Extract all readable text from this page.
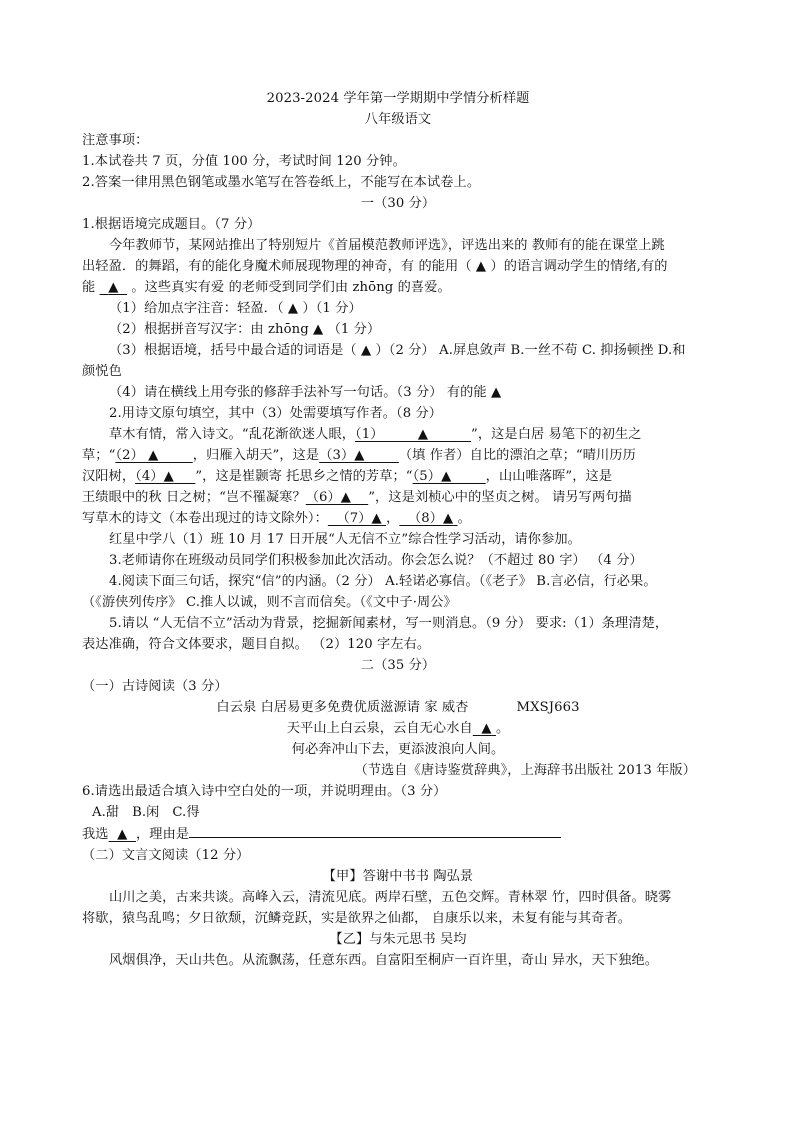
2023-2024 学年第一学期期中学情分析样题
八年级语文
注意事项：
1.本试卷共 7 页，分值 100 分，考试时间 120 分钟。
2.答案一律用黑色钢笔或墨水笔写在答卷纸上，不能写在本试卷上。
一（30 分）
1.根据语境完成题目。（7 分）
今年教师节，某网站推出了特别短片《首届模范教师评选》，评选出来的 教师有的能在课堂上跳
出轻盈．的舞蹈，有的能化身魔术师展现物理的神奇，有 的能用（ ▲ ）的语言调动学生的情绪,有的
能 ▲ 。这些真实有爱 的老师受到同学们由 zhōng 的喜爱。
（1）给加点字注音：轻盈．（ ▲ ）（1 分）
（2）根据拼音写汉字：由 zhōng ▲ （1 分）
（3）根据语境，括号中最合适的词语是（ ▲ ）（2 分） A.屏息敛声 B.一丝不苟 C. 抑扬顿挫 D.和
颜悦色
（4）请在横线上用夸张的修辞手法补写一句话。（3 分） 有的能 ▲
2.用诗文原句填空，其中（3）处需要填写作者。（8 分）
草木有情，常入诗文。“乱花渐欲迷人眼，（1）        ▲          ”，这是白居 易笔下的初生之
草；“（2） ▲        ，归雁入胡天”，这是（3）▲        （填 作者）自比的漂泊之草；“晴川历历
汉阳树，（4）▲     ”，这是崔颢寄 托思乡之情的芳草；“（5）▲        ，山山唯落晖”，这是
王绩眼中的秋 日之树；“岂不罹凝寒？（6）▲    ”，这是刘桢心中的坚贞之树。 请另写两句描
写草木的诗文（本卷出现过的诗文除外）： （7）▲ ， （8）▲ 。
红星中学八（1）班 10 月 17 日开展“人无信不立”综合性学习活动，请你参加。
3.老师请你在班级动员同学们积极参加此次活动。你会怎么说？（不超过 80 字） （4 分）
4.阅读下面三句话，探究“信”的内涵。（2 分） A.轻诺必寡信。（《老子》 B.言必信，行必果。
（《游侠列传序》 C.推人以诚，则不言而信矣。（《文中子·周公》
5.请以 “人无信不立”活动为背景，挖掘新闻素材，写一则消息。（9 分） 要求:（1）条理清楚，
表达准确，符合文体要求，题目自拟。 （2）120 字左右。
二（35 分）
（一）古诗阅读（3 分）
白云泉 白居易更多免费优质滋源请 家 威杏	MXSJ663
天平山上白云泉，云自无心水自 ▲ 。
何必奔冲山下去，更添波浪向人间。
（节选自《唐诗鉴赏辞典》，上海辞书出版社 2013 年版）
6.请选出最适合填入诗中空白处的一项，并说明理由。（3 分）
A.甜   B.闲   C.得
我选 ▲ ，理由是
（二）文言文阅读（12 分）
【甲】答谢中书书 陶弘景
山川之美，古来共谈。高峰入云，清流见底。两岸石壁，五色交辉。青林翠 竹，四时俱备。晓雾
将歇，猿鸟乱鸣；夕日欲颓，沉鳞竞跃，实是欲界之仙都， 自康乐以来，未复有能与其奇者。
【乙】与朱元思书 吴均
风烟俱净，天山共色。从流飘荡，任意东西。自富阳至桐庐一百许里，奇山 异水，天下独绝。
